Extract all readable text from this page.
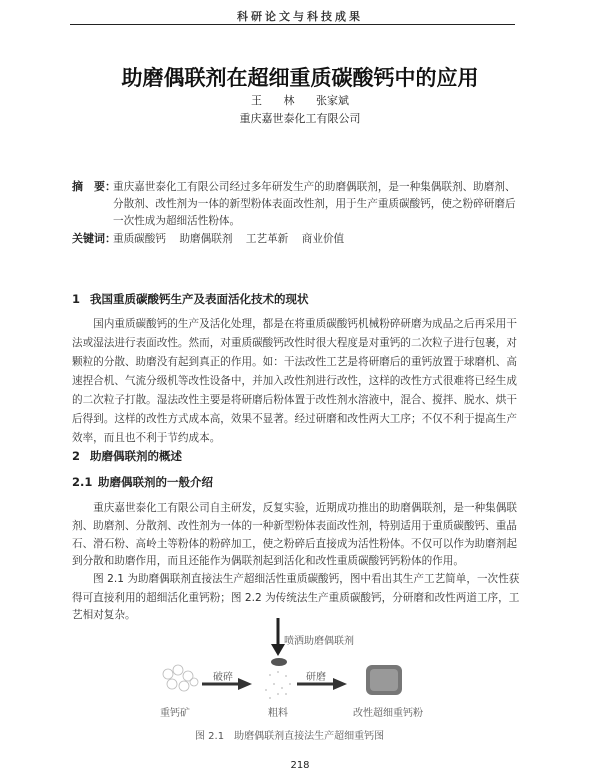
科研论文与科技成果
助磨偶联剂在超细重质碳酸钙中的应用
王 林 张家斌
重庆嘉世泰化工有限公司
摘　要：
重庆嘉世泰化工有限公司经过多年研发生产的助磨偶联剂，是一种集偶联剂、助磨剂、
分散剂、改性剂为一体的新型粉体表面改性剂，用于生产重质碳酸钙，使之粉碎研磨后
一次性成为超细活性粉体。
关键词：
重质碳酸钙 助磨偶联剂 工艺革新 商业价值
1 我国重质碳酸钙生产及表面活化技术的现状
　　国内重质碳酸钙的生产及活化处理，都是在将重质碳酸钙机械粉碎研磨为成品之后再采用干
法或湿法进行表面改性。然而，对重质碳酸钙改性时很大程度是对重钙的二次粒子进行包裹，对
颗粒的分散、助磨没有起到真正的作用。如：干法改性工艺是将研磨后的重钙放置于球磨机、高
速捏合机、气流分级机等改性设备中，并加入改性剂进行改性，这样的改性方式很难将已经生成
的二次粒子打散。湿法改性主要是将研磨后粉体置于改性剂水溶液中，混合、搅拌、脱水、烘干
后得到。这样的改性方式成本高，效果不显著。经过研磨和改性两大工序；不仅不利于提高生产
效率，而且也不利于节约成本。
2 助磨偶联剂的概述
2.1 助磨偶联剂的一般介绍
　　重庆嘉世泰化工有限公司自主研发，反复实验，近期成功推出的助磨偶联剂，是一种集偶联
剂、助磨剂、分散剂、改性剂为一体的一种新型粉体表面改性剂，特别适用于重质碳酸钙、重晶
石、滑石粉、高岭土等粉体的粉碎加工，使之粉碎后直接成为活性粉体。不仅可以作为助磨剂起
到分散和助磨作用，而且还能作为偶联剂起到活化和改性重质碳酸钙钙粉体的作用。
　　图 2.1 为助磨偶联剂直接法生产超细活性重质碳酸钙，图中看出其生产工艺简单，一次性获
得可直接利用的超细活化重钙粉；图 2.2 为传统法生产重质碳酸钙，分研磨和改性两道工序，工
艺相对复杂。
喷洒助磨偶联剂
破碎	研磨
重钙矿	粗料	改性超细重钙粉
图 2.1　助磨偶联剂直接法生产超细重钙图
218
